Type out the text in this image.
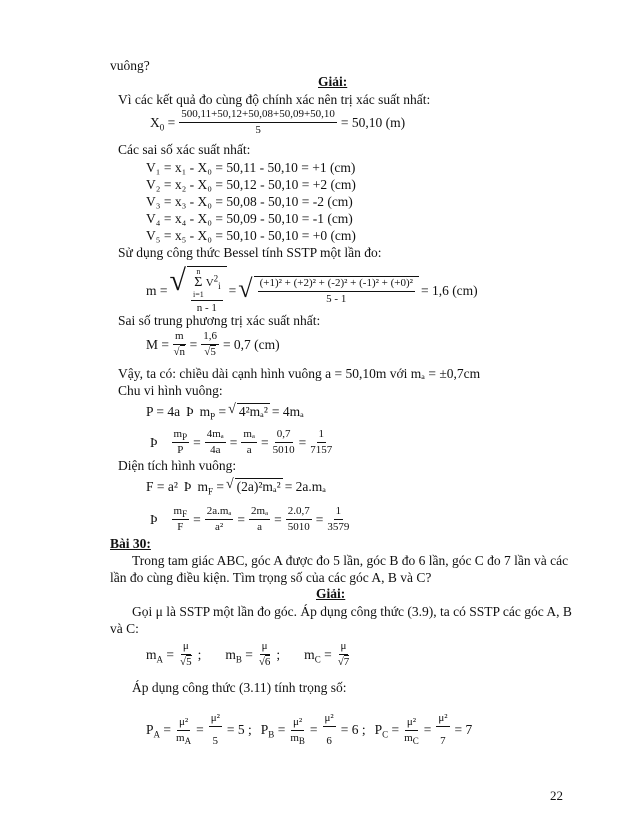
vuông?
Giải:
Vì các kết quả đo cùng độ chính xác nên trị xác suất nhất:
$X_0 = \frac{500,11+50,12+50,08+50,09+50,10}{5} = 50,10$ (m)
Các sai số xác suất nhất:
V₁ = x₁ - X₀ = 50,11 - 50,10 = +1 (cm)
V₂ = x₂ - X₀ = 50,12 - 50,10 = +2 (cm)
V₃ = x₃ - X₀ = 50,08 - 50,10 = -2 (cm)
V₄ = x₄ - X₀ = 50,09 - 50,10 = -1 (cm)
V₅ = x₅ - X₀ = 50,10 - 50,10 = +0 (cm)
Sử dụng công thức Bessel tính SSTP một lần đo:
m = √ n
Σ
i=1
$V^2_i$
n - 1 = √ $\frac{\text{(+1)² + (+2)² + (-2)² + (-1)² + (+0)²}}{5 - 1} = 1,6$ (cm)
Sai số trung phương trị xác suất nhất:
$M = \frac{m}{√n} = \frac{1,6}{√5} = 0,7$ (cm)
Vậy, ta có: chiều dài cạnh hình vuông a = 50,10m với mₐ = ±0,7cm
Chu vi hình vuông:
P = 4a Þ $m_P$ = √ 4²mₐ² = 4mₐ
Þ $\frac{m_P}{P} = \frac{\text{4mₐ}}{4a} = \frac{\text{mₐ}}{a} = \frac{0,7}{5010} = \frac{1}{7157}$
Diện tích hình vuông:
F = a² Þ $m_F$ = √ (2a)²mₐ² = 2a.mₐ
Þ $\frac{m_F}{F} = \frac{\text{2a.mₐ}}{\text{a²}} = \frac{\text{2mₐ}}{a} = \frac{2.0,7}{5010} = \frac{1}{3579}$
Bài 30:
Trong tam giác ABC, góc A được đo 5 lần, góc B đo 6 lần, góc C đo 7 lần và các
lần đo cùng điều kiện. Tìm trọng số của các góc A, B và C?
Giải:
Gọi μ là SSTP một lần đo góc. Áp dụng công thức (3.9), ta có SSTP các góc A, B
và C:
$m_A = \frac{\mu}{√5}$ ; $m_B = \frac{\mu}{√6}$ ; $m_C = \frac{\mu}{√7}$
Áp dụng công thức (3.11) tính trọng số:
$P_A = \frac{\text{μ²}}{m_A} = \frac{\text{μ²}}{5} = 5$ ; $P_B = \frac{\text{μ²}}{m_B} = \frac{\text{μ²}}{6} = 6$ ; $P_C = \frac{\text{μ²}}{m_C} = \frac{\text{μ²}}{7} = 7$
22
